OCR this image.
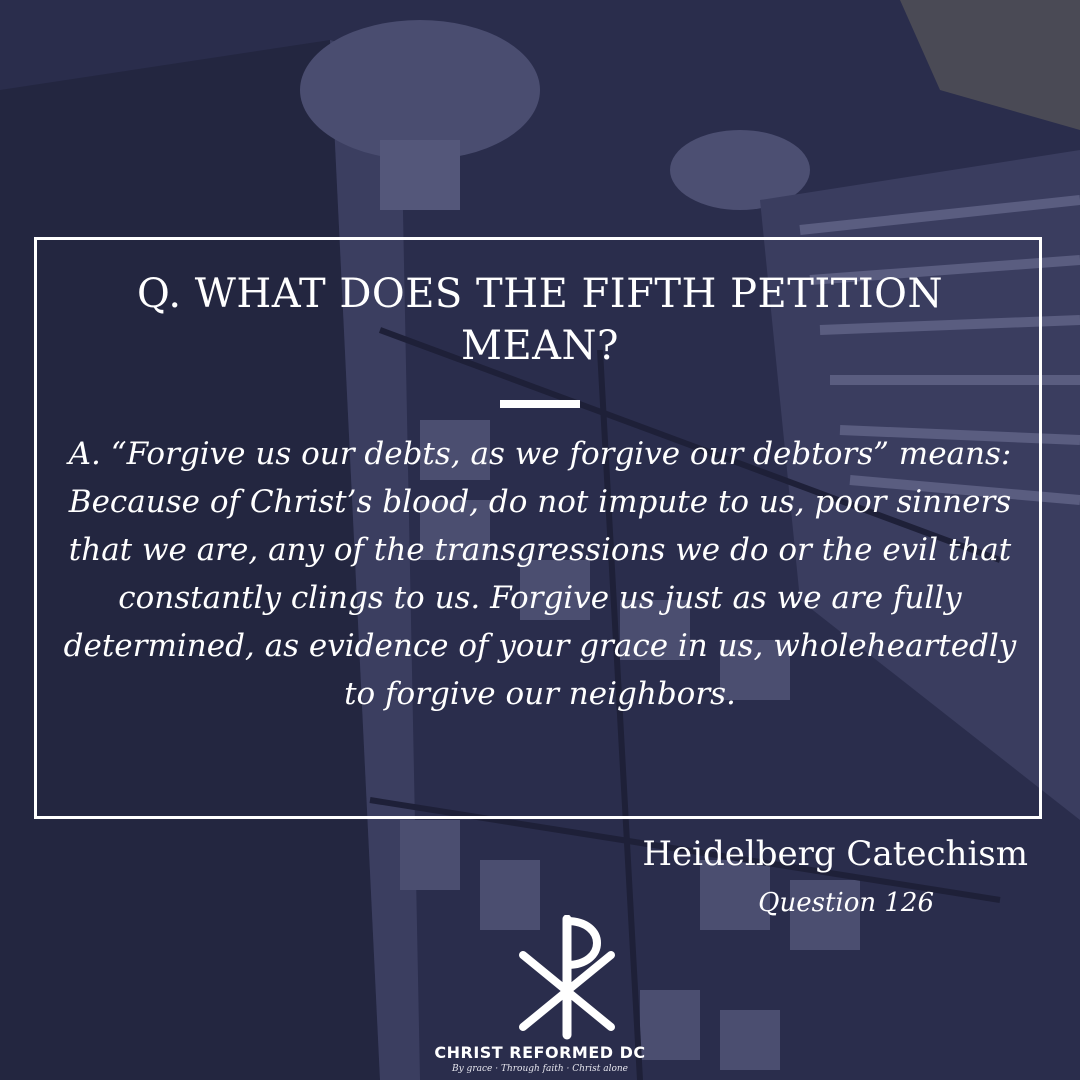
Q. WHAT DOES THE FIFTH PETITION MEAN?
A. “Forgive us our debts, as we forgive our debtors” means: Because of Christ’s blood, do not impute to us, poor sinners that we are, any of the transgressions we do or the evil that constantly clings to us. Forgive us just as we are fully determined, as evidence of your grace in us, wholeheartedly to forgive our neighbors.
Heidelberg Catechism
Question 126
CHRIST REFORMED DC
By grace · Through faith · Christ alone
